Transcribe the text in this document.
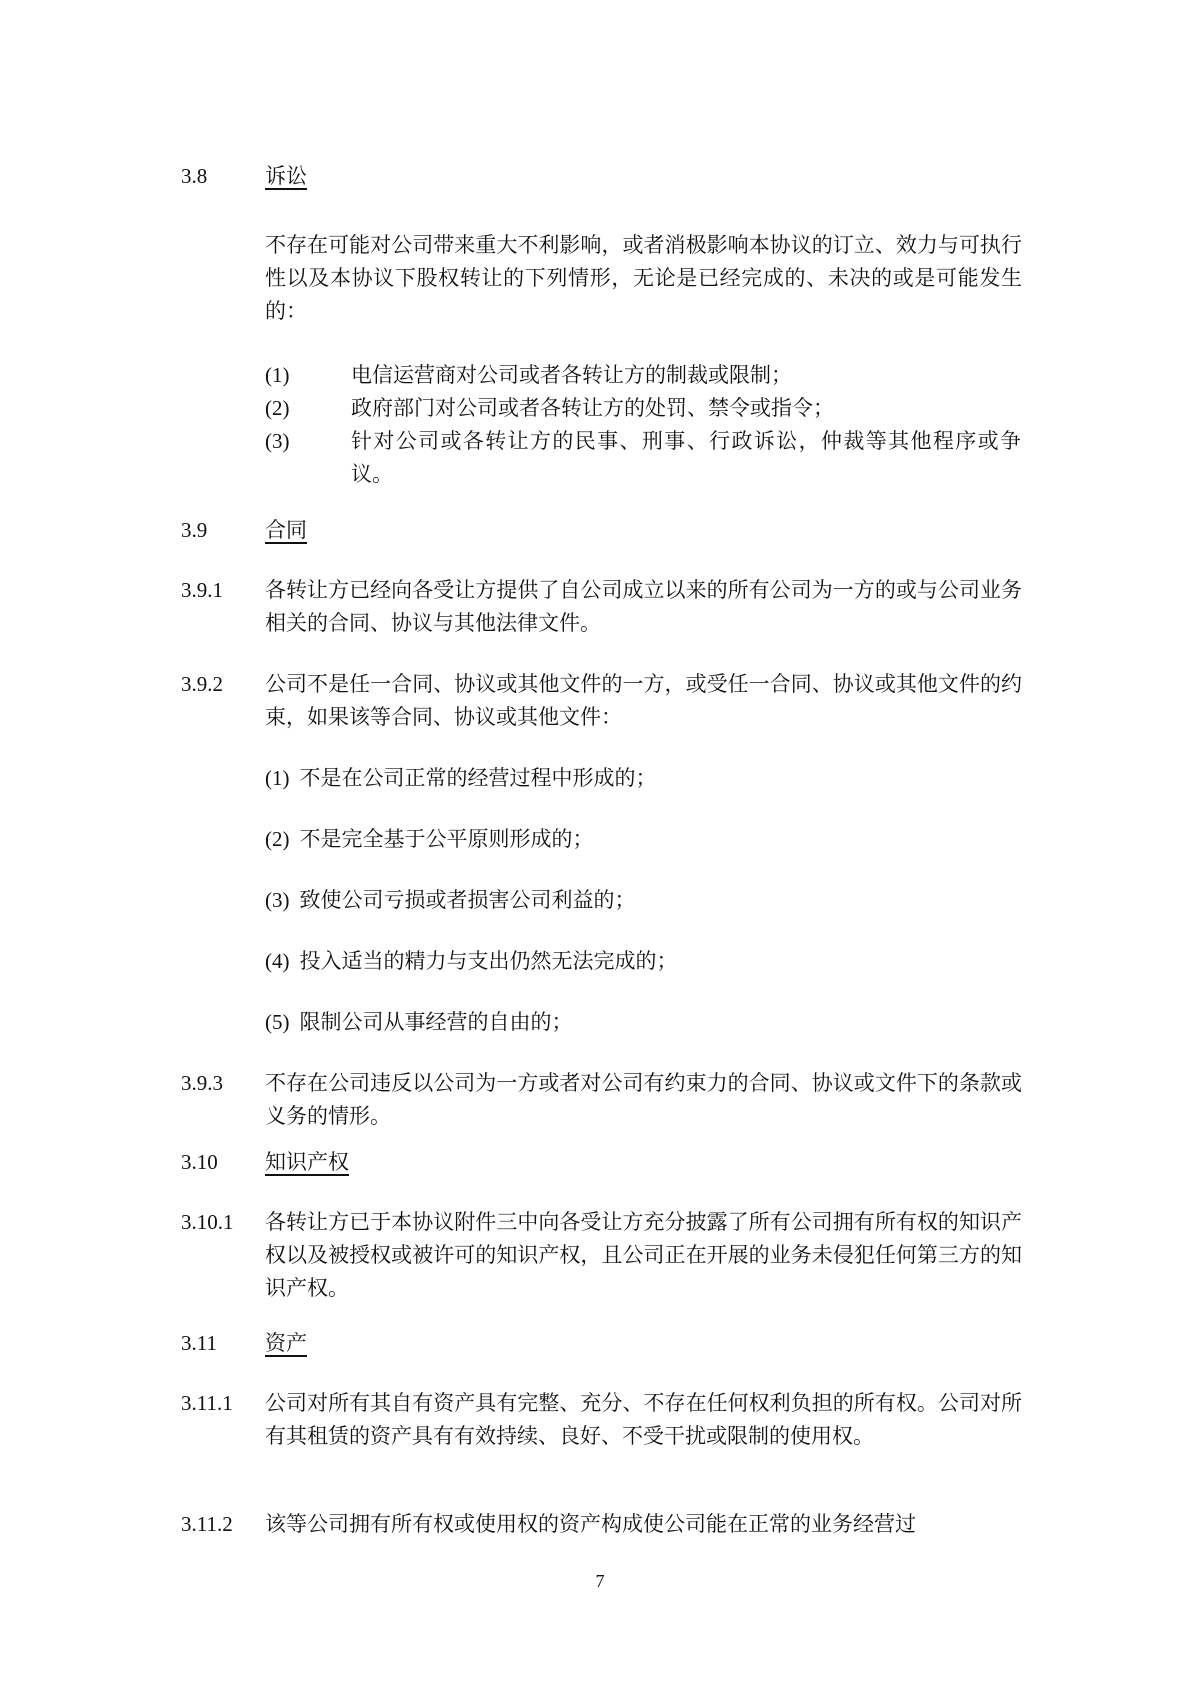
3.8	诉讼
不存在可能对公司带来重大不利影响，或者消极影响本协议的订立、效力与可执行性以及本协议下股权转让的下列情形，无论是已经完成的、未决的或是可能发生的：
(1)	电信运营商对公司或者各转让方的制裁或限制；
(2)	政府部门对公司或者各转让方的处罚、禁令或指令；
(3)	针对公司或各转让方的民事、刑事、行政诉讼，仲裁等其他程序或争议。
3.9	合同
3.9.1 各转让方已经向各受让方提供了自公司成立以来的所有公司为一方的或与公司业务相关的合同、协议与其他法律文件。
3.9.2 公司不是任一合同、协议或其他文件的一方，或受任一合同、协议或其他文件的约束，如果该等合同、协议或其他文件：
(1) 不是在公司正常的经营过程中形成的；
(2) 不是完全基于公平原则形成的；
(3) 致使公司亏损或者损害公司利益的；
(4) 投入适当的精力与支出仍然无法完成的；
(5) 限制公司从事经营的自由的；
3.9.3 不存在公司违反以公司为一方或者对公司有约束力的合同、协议或文件下的条款或义务的情形。
3.10 知识产权
3.10.1 各转让方已于本协议附件三中向各受让方充分披露了所有公司拥有所有权的知识产权以及被授权或被许可的知识产权，且公司正在开展的业务未侵犯任何第三方的知识产权。
3.11 资产
3.11.1 公司对所有其自有资产具有完整、充分、不存在任何权利负担的所有权。公司对所有其租赁的资产具有有效持续、良好、不受干扰或限制的使用权。
3.11.2 该等公司拥有所有权或使用权的资产构成使公司能在正常的业务经营过
7
